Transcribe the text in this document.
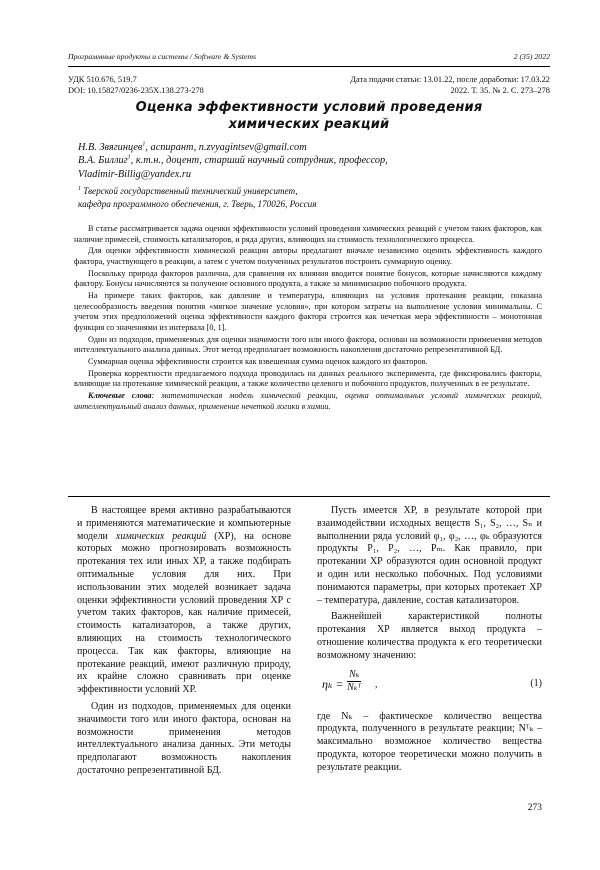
Программные продукты и системы / Software & Systems	2 (35) 2022
УДК 510.676, 519.7	Дата подачи статьи: 13.01.22, после доработки: 17.03.22
DOI: 10.15827/0236-235X.138.273-278	2022. Т. 35. № 2. С. 273–278
Оценка эффективности условий проведения
химических реакций
Н.В. Звягинцев$^1$, аспирант, n.zvyagintsev@gmail.com
В.А. Биллиг$^1$, к.т.н., доцент, старший научный сотрудник, профессор,
Vladimir-Billig@yandex.ru
$^1$ Тверской государственный технический университет,
кафедра программного обеспечения, г. Тверь, 170026, Россия

В статье рассматривается задача оценки эффективности условий проведения химических реакций с учетом таких факторов, как наличие примесей, стоимость катализаторов, и ряда других, влияющих на стоимость технологического процесса.

Для оценки эффективности химической реакции авторы предлагают вначале независимо оценить эффективность каждого фактора, участвующего в реакции, а затем с учетом полученных результатов построить суммарную оценку.

Поскольку природа факторов различна, для сравнения их влияния вводится понятие бонусов, которые начисляются каждому фактору. Бонусы начисляются за получение основного продукта, а также за минимизацию побочного продукта.

На примере таких факторов, как давление и температура, влияющих на условия протекания реакции, показана целесообразность введения понятия «мягкое значение условия», при котором затраты на выполнение условия минимальны. С учетом этих предположений оценка эффективности каждого фактора строится как нечеткая мера эффективности – монотонная функция со значениями из интервала [0, 1].

Один из подходов, применяемых для оценки значимости того или иного фактора, основан на возможности применения методов интеллектуального анализа данных. Этот метод предполагает возможность накопления достаточно репрезентативной БД.

Суммарная оценка эффективности строится как взвешенная сумма оценок каждого из факторов.

Проверка корректности предлагаемого подхода проводилась на данных реального эксперимента, где фиксировались факторы, влияющие на протекание химической реакции, а также количество целевого и побочного продуктов, полученных в ее результате.

Ключевые слова: математическая модель химической реакции, оценка оптимальных условий химических реакций, интеллектуальный анализ данных, применение нечеткой логики в химии.

В настоящее время активно разрабатываются и применяются математические и компьютерные модели химических реакций (ХР), на основе которых можно прогнозировать возможность протекания тех или иных ХР, а также подбирать оптимальные условия для них. При использовании этих моделей возникает задача оценки эффективности условий проведения ХР с учетом таких факторов, как наличие примесей, стоимость катализаторов, а также других, влияющих на стоимость технологического процесса. Так как факторы, влияющие на протекание реакций, имеют различную природу, их крайне сложно сравнивать при оценке эффективности условий ХР.

Один из подходов, применяемых для оценки значимости того или иного фактора, основан на возможности применения методов интеллектуального анализа данных. Эти методы предполагают возможность накопления достаточно репрезентативной БД.

Пусть имеется ХР, в результате которой при взаимодействии исходных веществ S₁, S₂, …, Sₙ и выполнении ряда условий φ₁, φ₂, …, φₖ образуются продукты P₁, P₂, …, Pₘ. Как правило, при протекании ХР образуются один основной продукт и один или несколько побочных. Под условиями понимаются параметры, при которых протекает ХР – температура, давление, состав катализаторов.

Важнейшей характеристикой полноты протекания ХР является выход продукта – отношение количества продукта к его теоретически возможному значению:

ηₖ =
Nₖ
Nₖᵀ ,	(1)

где Nₖ – фактическое количество вещества продукта, полученного в результате реакции; Nᵀₖ – максимально возможное количество вещества продукта, которое теоретически можно получить в результате реакции.

273
